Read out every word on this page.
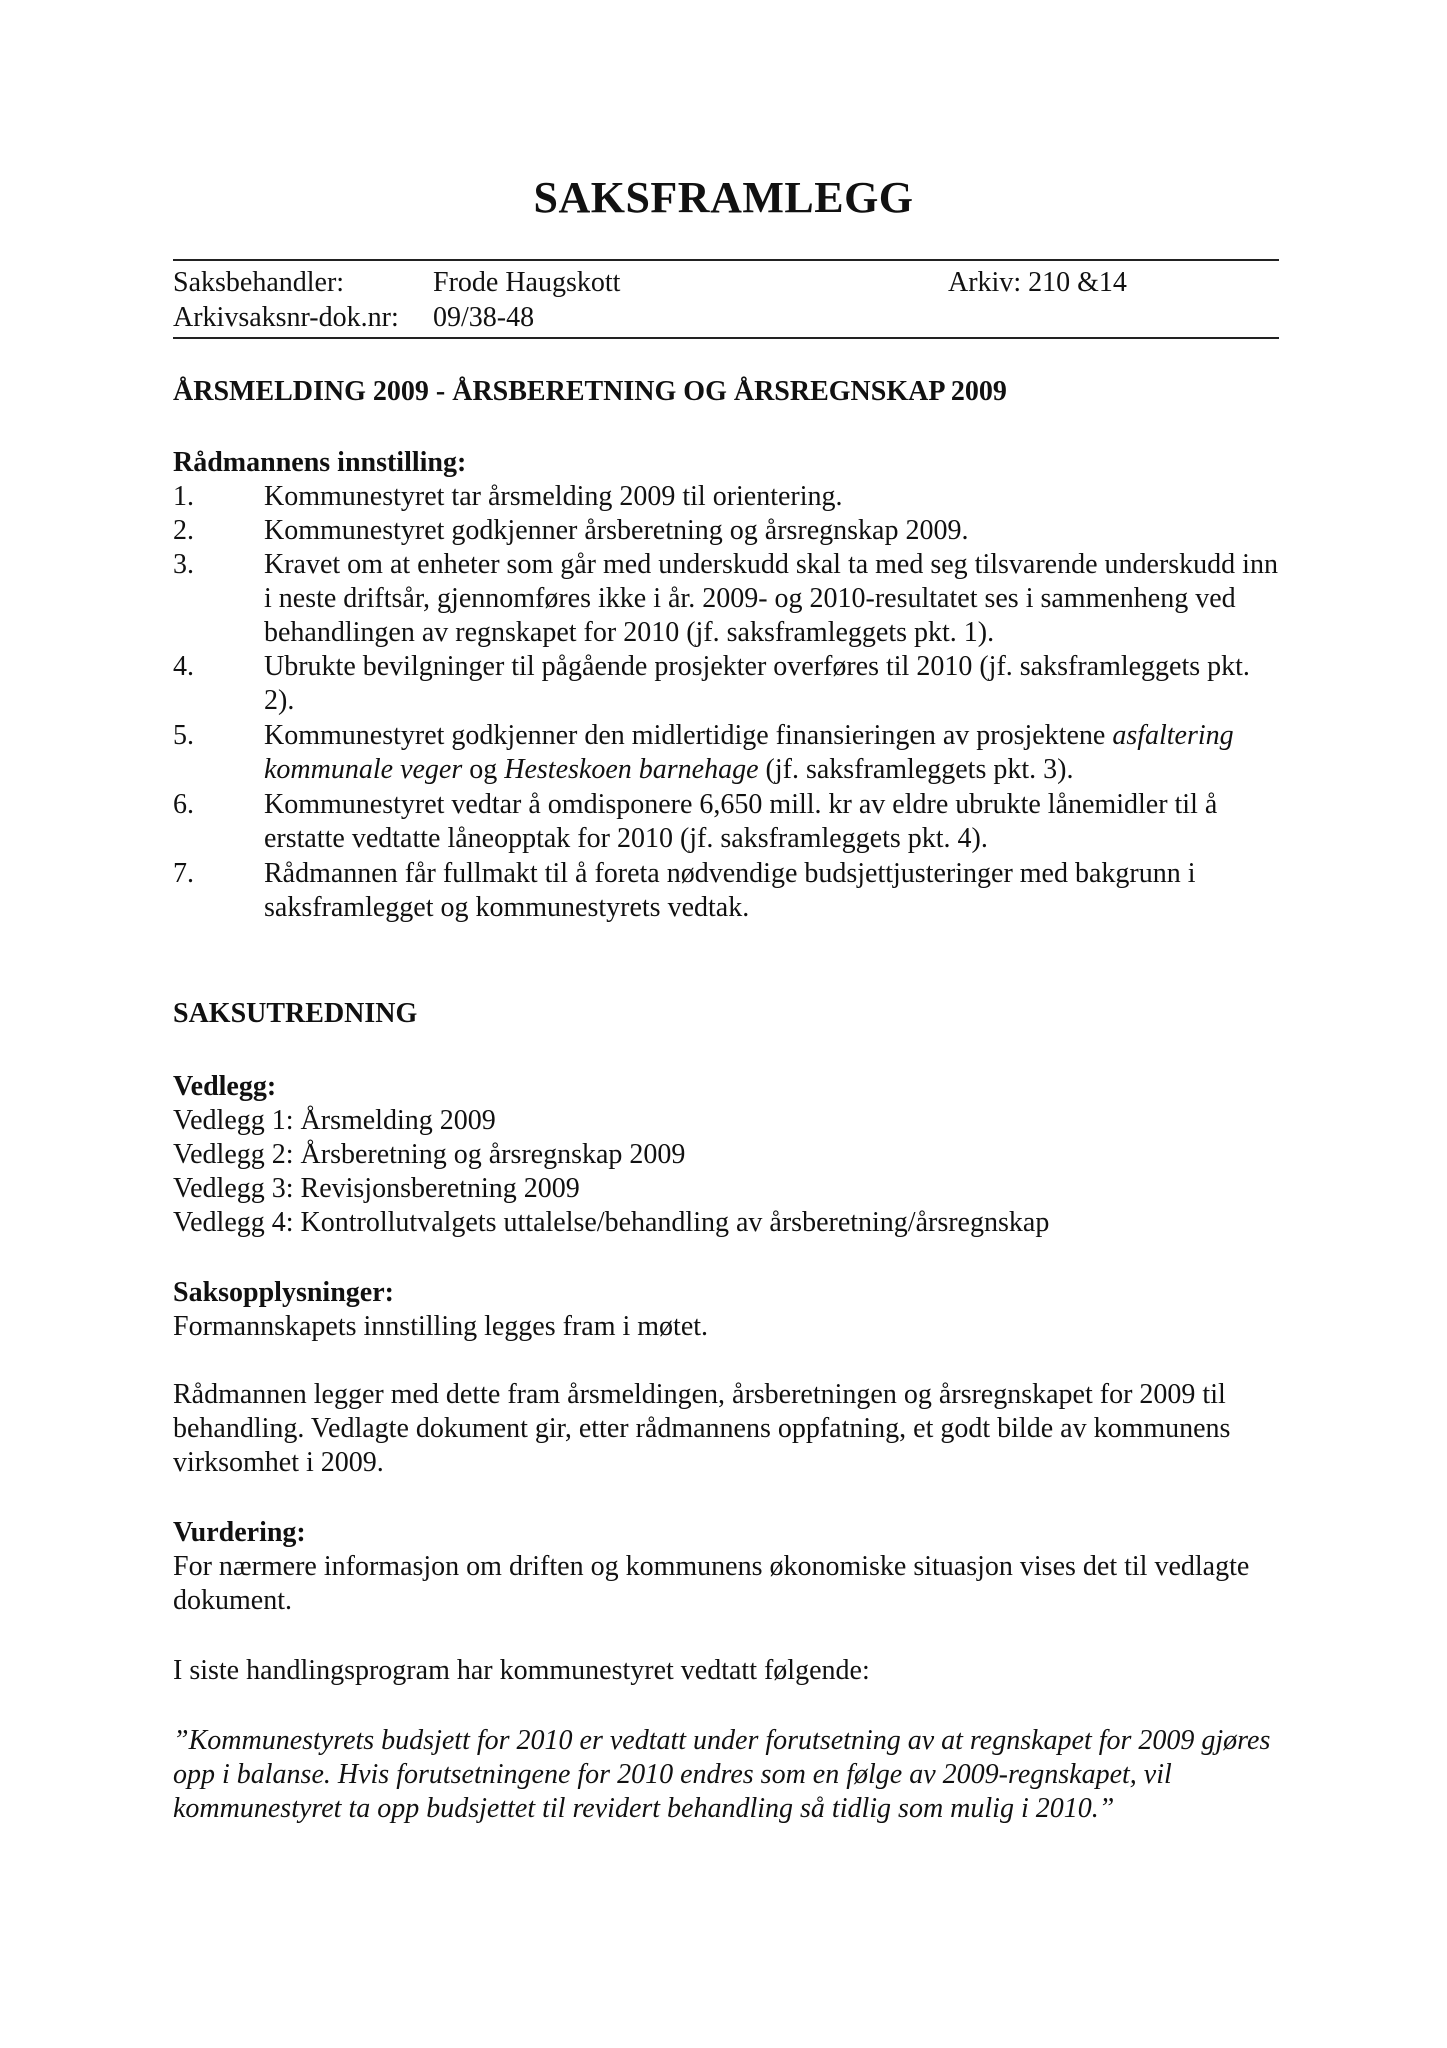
SAKSFRAMLEGG
Saksbehandler:	Frode Haugskott	Arkiv: 210 &14
Arkivsaksnr-dok.nr: 09/38-48
ÅRSMELDING 2009 - ÅRSBERETNING OG ÅRSREGNSKAP 2009
Rådmannens innstilling:
1.	Kommunestyret tar årsmelding 2009 til orientering.
2.	Kommunestyret godkjenner årsberetning og årsregnskap 2009.
3.	Kravet om at enheter som går med underskudd skal ta med seg tilsvarende underskudd inn i neste driftsår, gjennomføres ikke i år. 2009- og 2010-resultatet ses i sammenheng ved behandlingen av regnskapet for 2010 (jf. saksframleggets pkt. 1).
4.	Ubrukte bevilgninger til pågående prosjekter overføres til 2010 (jf. saksframleggets pkt. 2).
5.	Kommunestyret godkjenner den midlertidige finansieringen av prosjektene asfaltering kommunale veger og Hesteskoen barnehage (jf. saksframleggets pkt. 3).
6.	Kommunestyret vedtar å omdisponere 6,650 mill. kr av eldre ubrukte lånemidler til å erstatte vedtatte låneopptak for 2010 (jf. saksframleggets pkt. 4).
7.	Rådmannen får fullmakt til å foreta nødvendige budsjettjusteringer med bakgrunn i saksframlegget og kommunestyrets vedtak.
SAKSUTREDNING
Vedlegg:
Vedlegg 1: Årsmelding 2009
Vedlegg 2: Årsberetning og årsregnskap 2009
Vedlegg 3: Revisjonsberetning 2009
Vedlegg 4: Kontrollutvalgets uttalelse/behandling av årsberetning/årsregnskap
Saksopplysninger:
Formannskapets innstilling legges fram i møtet.
Rådmannen legger med dette fram årsmeldingen, årsberetningen og årsregnskapet for 2009 til behandling. Vedlagte dokument gir, etter rådmannens oppfatning, et godt bilde av kommunens virksomhet i 2009.
Vurdering:
For nærmere informasjon om driften og kommunens økonomiske situasjon vises det til vedlagte dokument.
I siste handlingsprogram har kommunestyret vedtatt følgende:
”Kommunestyrets budsjett for 2010 er vedtatt under forutsetning av at regnskapet for 2009 gjøres opp i balanse. Hvis forutsetningene for 2010 endres som en følge av 2009-regnskapet, vil kommunestyret ta opp budsjettet til revidert behandling så tidlig som mulig i 2010.”
